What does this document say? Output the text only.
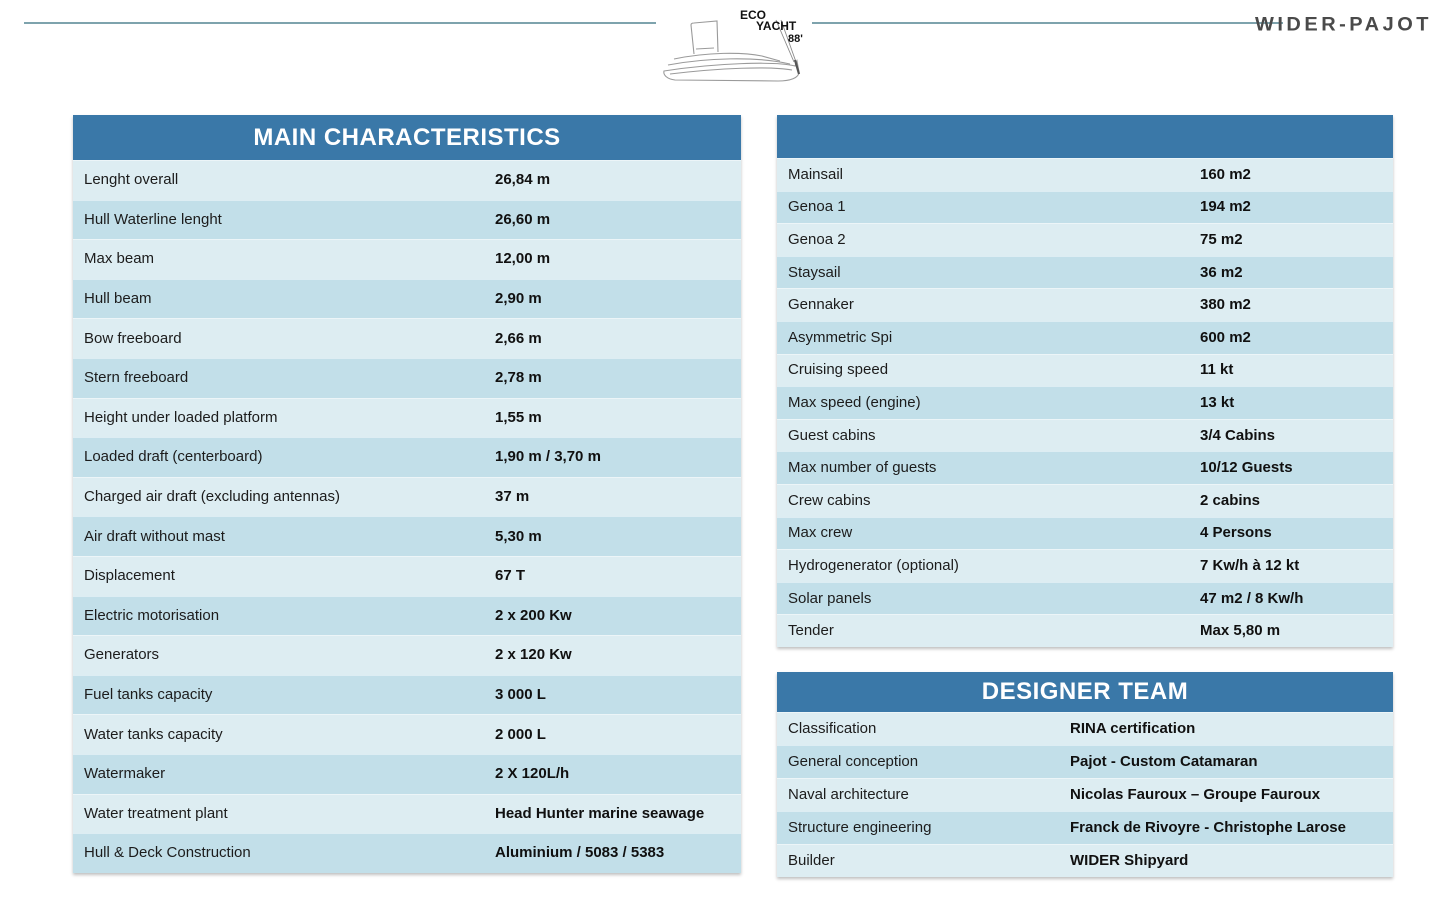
WIDER-PAJOT
ECO
YACHT
88'
MAIN CHARACTERISTICS
Lenght overall	26,84 m
Hull Waterline lenght	26,60 m
Max beam	12,00 m
Hull beam	2,90 m
Bow freeboard	2,66 m
Stern freeboard	2,78 m
Height under loaded platform	1,55 m
Loaded draft (centerboard)	1,90 m / 3,70 m
Charged air draft (excluding antennas)	37 m
Air draft without mast	5,30 m
Displacement	67 T
Electric motorisation	2 x 200 Kw
Generators	2 x 120 Kw
Fuel tanks capacity	3 000 L
Water tanks capacity	2 000 L
Watermaker	2 X 120L/h
Water treatment plant	Head Hunter marine seawage
Hull & Deck Construction	Aluminium / 5083 / 5383
Mainsail	160 m2
Genoa 1	194 m2
Genoa 2	75 m2
Staysail	36 m2
Gennaker	380 m2
Asymmetric Spi	600 m2
Cruising speed	11 kt
Max speed (engine)	13 kt
Guest cabins	3/4 Cabins
Max number of guests	10/12 Guests
Crew cabins	2 cabins
Max crew	4 Persons
Hydrogenerator (optional)	7 Kw/h à 12 kt
Solar panels	47 m2 / 8 Kw/h
Tender	Max 5,80 m
DESIGNER TEAM
Classification	RINA certification
General conception	Pajot - Custom Catamaran
Naval architecture	Nicolas Fauroux – Groupe Fauroux
Structure engineering	Franck de Rivoyre - Christophe Larose
Builder	WIDER Shipyard
